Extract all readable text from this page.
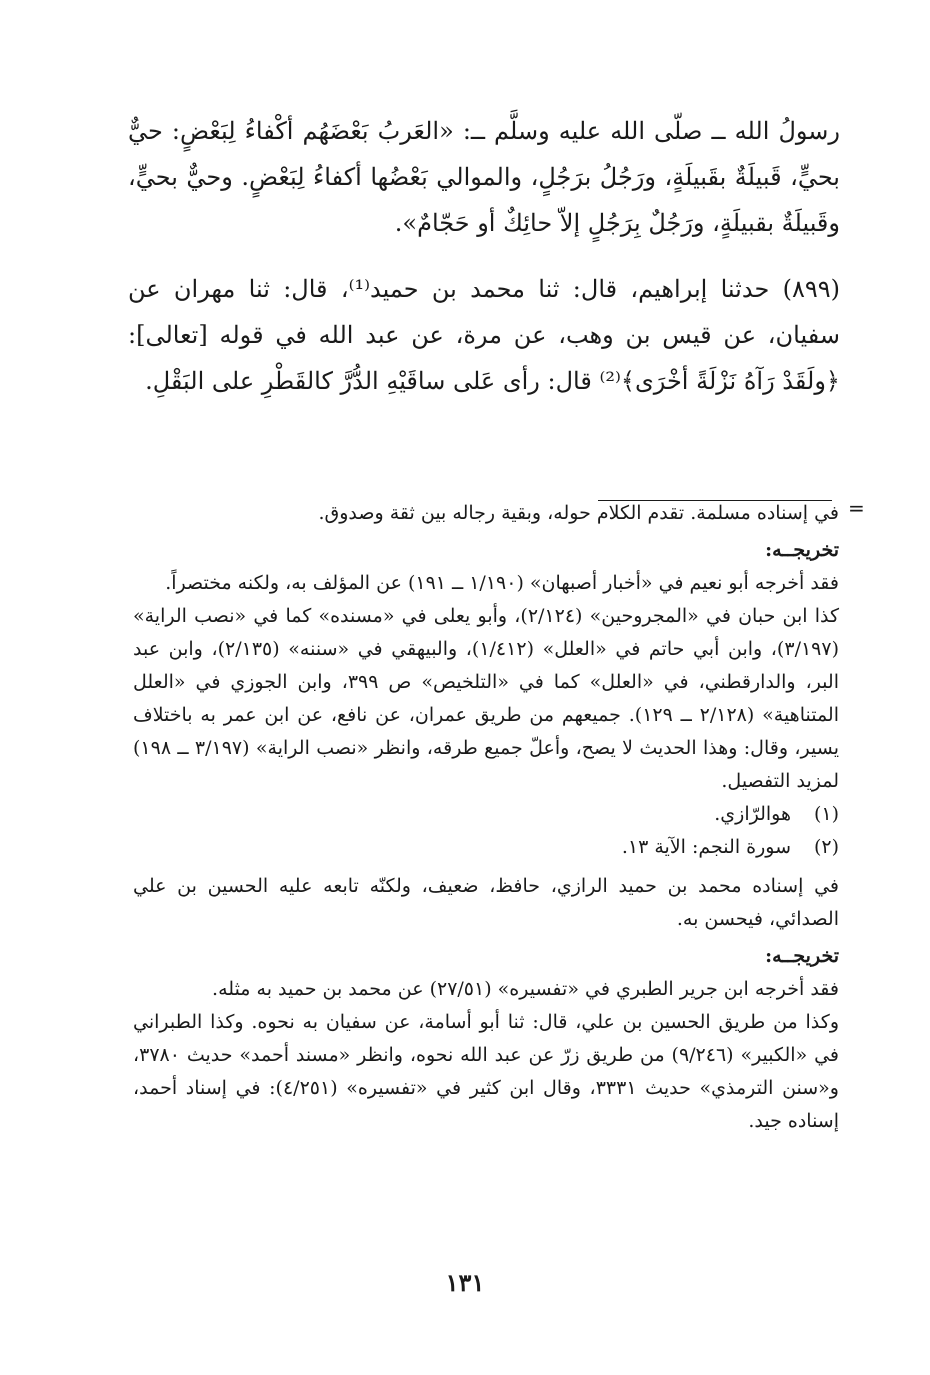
رسولُ الله ــ صلّى الله عليه وسلَّم ــ: «العَربُ بَعْضَهُم أكْفاءُ لِبَعْضٍ: حيٌّ بحيٍّ، قَبيلَةٌ بقَبيلَةٍ، ورَجُلُ برَجُلٍ، والموالي بَعْضُها أكفاءُ لِبَعْضٍ. وحيٌّ بحيٍّ، وقَبيلَةٌ بقبيلَةٍ، ورَجُلٌ بِرَجُلٍ إلاّ حائِكٌ أو حَجّامٌ».

(٨٩٩) حدثنا إبراهيم، قال: ثنا محمد بن حميد⁽¹⁾، قال: ثنا مهران عن سفيان، عن قيس بن وهب، عن مرة، عن عبد الله في قوله [تعالى]: ﴿ولَقَدْ رَآهُ نَزْلَةً أخْرَى﴾⁽²⁾ قال: رأى عَلى ساقَيْهِ الدُّرَّ كالقَطْرِ على البَقْلِ.

=

في إسناده مسلمة. تقدم الكلام حوله، وبقية رجاله بين ثقة وصدوق.

تخريجــه:

فقد أخرجه أبو نعيم في «أخبار أصبهان» (١/١٩٠ ــ ١٩١) عن المؤلف به، ولكنه مختصراً.

كذا ابن حبان في «المجروحين» (٢/١٢٤)، وأبو يعلى في «مسنده» كما في «نصب الراية» (٣/١٩٧)، وابن أبي حاتم في «العلل» (١/٤١٢)، والبيهقي في «سننه» (٢/١٣٥)، وابن عبد البر، والدارقطني، في «العلل» كما في «التلخيص» ص ٣٩٩، وابن الجوزي في «العلل المتناهية» (٢/١٢٨ ــ ١٢٩). جميعهم من طريق عمران، عن نافع، عن ابن عمر به باختلاف يسير، وقال: وهذا الحديث لا يصح، وأعلّ جميع طرقه، وانظر «نصب الراية» (٣/١٩٧ ــ ١٩٨) لمزيد التفصيل.

(١)
هوالرّازي.
(٢)
سورة النجم: الآية ١٣.

في إسناده محمد بن حميد الرازي، حافظ، ضعيف، ولكنّه تابعه عليه الحسين بن علي الصدائي، فيحسن به.

تخريجــه:

فقد أخرجه ابن جرير الطبري في «تفسيره» (٢٧/٥١) عن محمد بن حميد به مثله.

وكذا من طريق الحسين بن علي، قال: ثنا أبو أسامة، عن سفيان به نحوه. وكذا الطبراني في «الكبير» (٩/٢٤٦) من طريق زرّ عن عبد الله نحوه، وانظر «مسند أحمد» حديث ٣٧٨٠، و«سنن الترمذي» حديث ٣٣٣١، وقال ابن كثير في «تفسيره» (٤/٢٥١): في إسناد أحمد، إسناده جيد.

١٣١
